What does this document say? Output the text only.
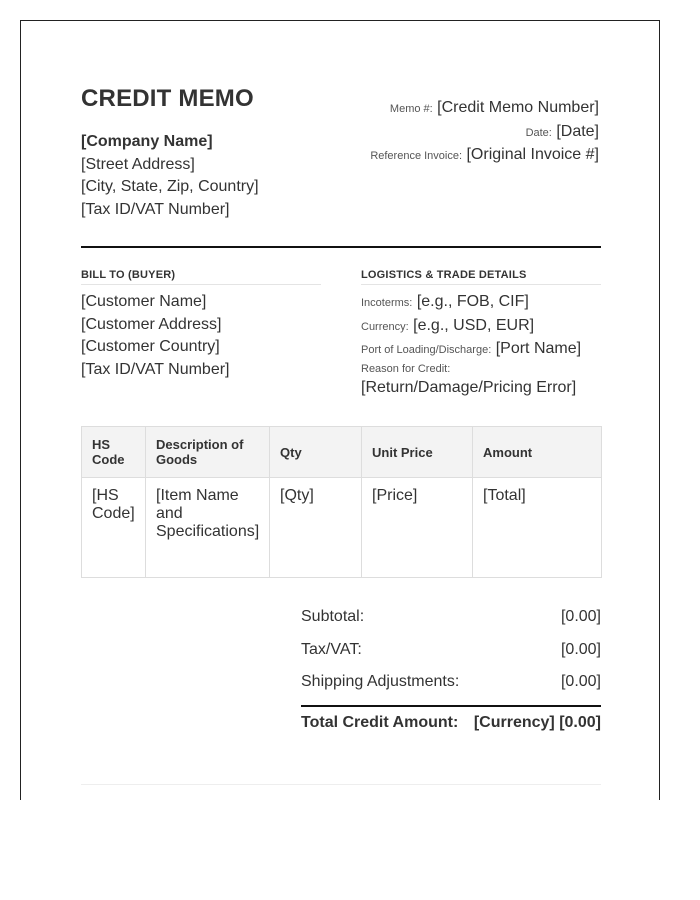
CREDIT MEMO
[Company Name]
[Street Address]
[City, State, Zip, Country]
[Tax ID/VAT Number]
Memo #: [Credit Memo Number]
Date: [Date]
Reference Invoice: [Original Invoice #]
BILL TO (BUYER)
[Customer Name]
[Customer Address]
[Customer Country]
[Tax ID/VAT Number]
LOGISTICS & TRADE DETAILS
Incoterms: [e.g., FOB, CIF]
Currency: [e.g., USD, EUR]
Port of Loading/Discharge: [Port Name]
Reason for Credit:
[Return/Damage/Pricing Error]
HS Code	Description of Goods	Qty	Unit Price	Amount
[HS Code]	[Item Name and Specifications]	[Qty]	[Price]	[Total]
Subtotal:	[0.00]
Tax/VAT:	[0.00]
Shipping Adjustments:	[0.00]
Total Credit Amount: [Currency] [0.00]
